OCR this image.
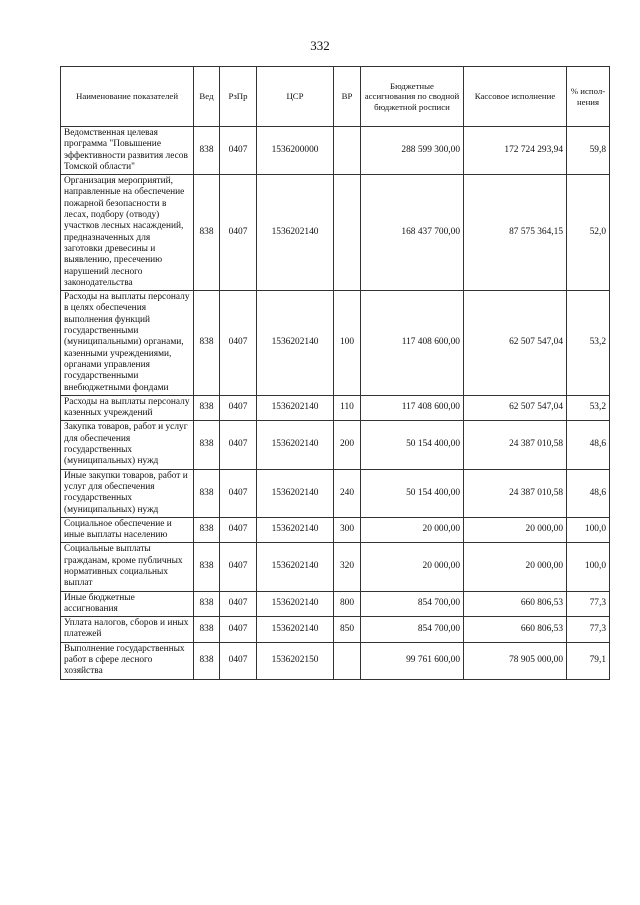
332
Наименование показателей	Вед	РзПр	ЦСР	ВР	Бюджетные ассигнования по сводной бюджетной росписи	Кассовое исполнение	% испол-нения
Ведомственная целевая программа "Повышение эффективности развития лесов Томской области"	838	0407	1536200000		288 599 300,00	172 724 293,94	59,8
Организация мероприятий, направленные на обеспечение пожарной безопасности в лесах, подбору (отводу) участков лесных насаждений, предназначенных для заготовки древесины и выявлению, пресечению нарушений лесного законодательства	838	0407	1536202140		168 437 700,00	87 575 364,15	52,0
Расходы на выплаты персоналу в целях обеспечения выполнения функций государственными (муниципальными) органами, казенными учреждениями, органами управления государственными внебюджетными фондами	838	0407	1536202140	100	117 408 600,00	62 507 547,04	53,2
Расходы на выплаты персоналу казенных учреждений	838	0407	1536202140	110	117 408 600,00	62 507 547,04	53,2
Закупка товаров, работ и услуг для обеспечения государственных (муниципальных) нужд	838	0407	1536202140	200	50 154 400,00	24 387 010,58	48,6
Иные закупки товаров, работ и услуг для обеспечения государственных (муниципальных) нужд	838	0407	1536202140	240	50 154 400,00	24 387 010,58	48,6
Социальное обеспечение и иные выплаты населению	838	0407	1536202140	300	20 000,00	20 000,00	100,0
Социальные выплаты гражданам, кроме публичных нормативных социальных выплат	838	0407	1536202140	320	20 000,00	20 000,00	100,0
Иные бюджетные ассигнования	838	0407	1536202140	800	854 700,00	660 806,53	77,3
Уплата налогов, сборов и иных платежей	838	0407	1536202140	850	854 700,00	660 806,53	77,3
Выполнение государственных работ в сфере лесного хозяйства	838	0407	1536202150		99 761 600,00	78 905 000,00	79,1
